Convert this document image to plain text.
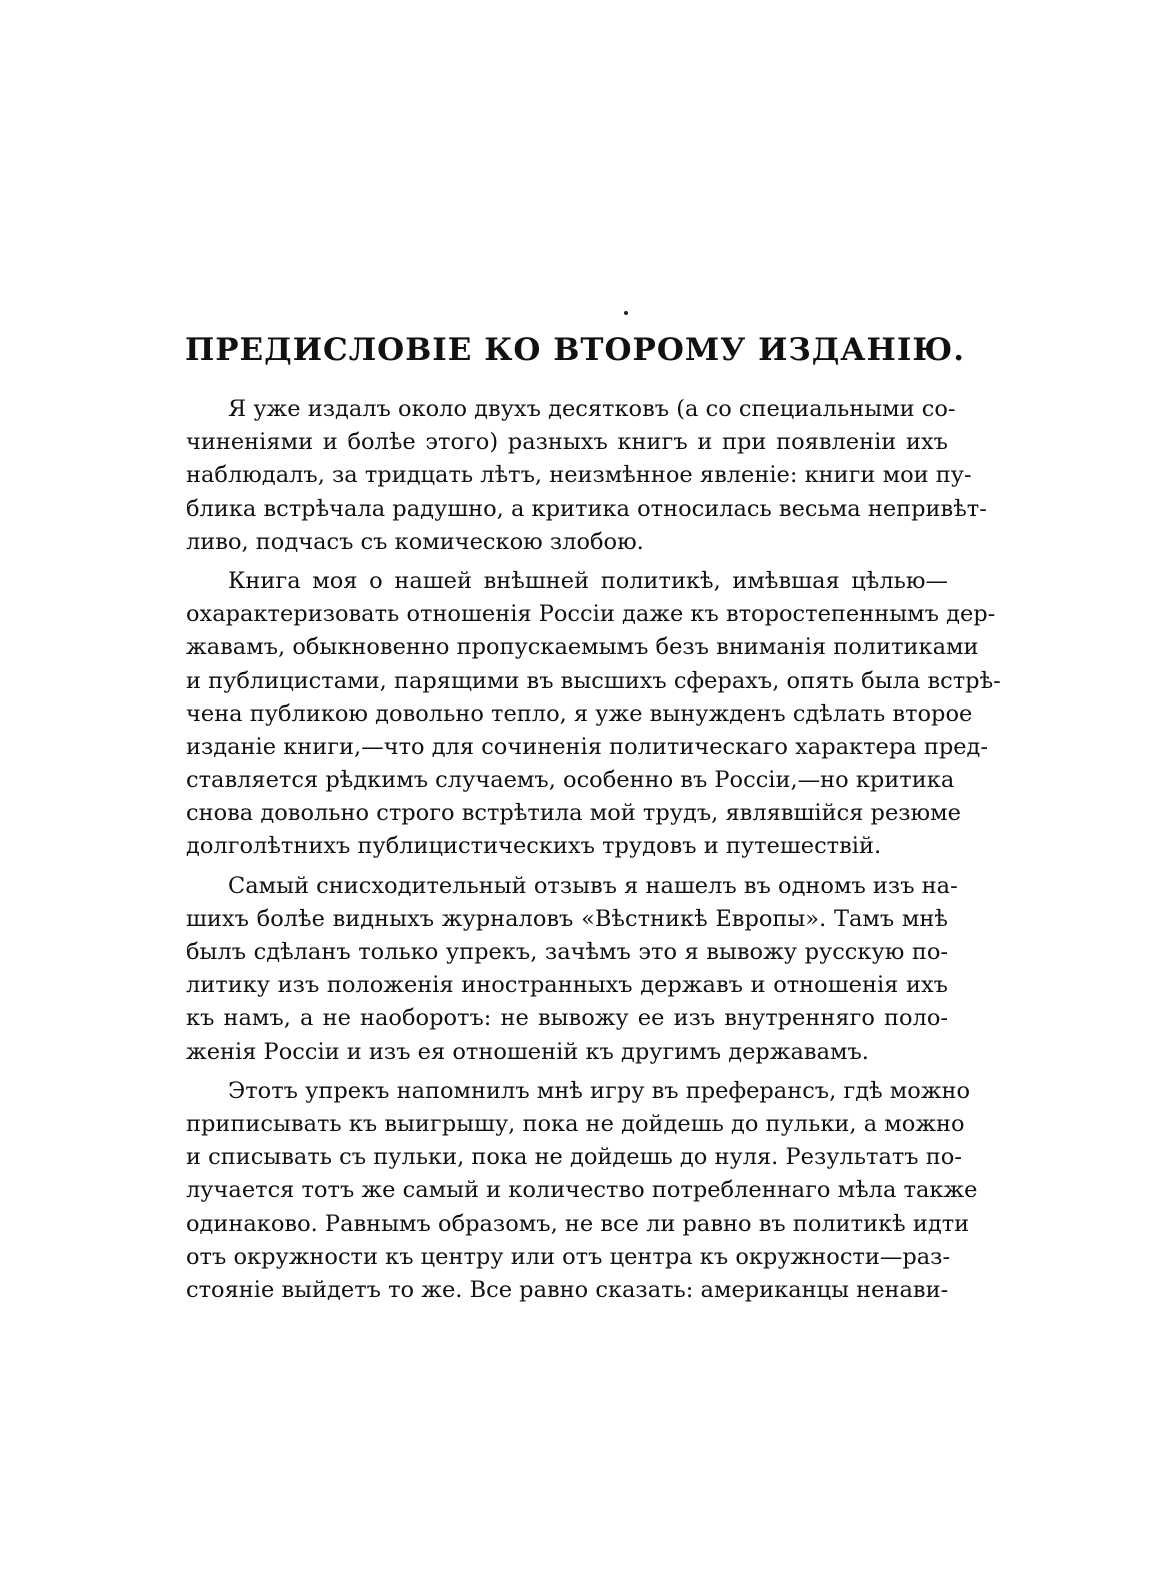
ПРЕДИСЛОВІЕ КО ВТОРОМУ ИЗДАНІЮ.

Я уже издалъ около двухъ десятковъ (а со специальными со-
чиненіями и болѣе этого) разныхъ книгъ и при появленіи ихъ
наблюдалъ, за тридцать лѣтъ, неизмѣнное явленіе: книги мои пу-
блика встрѣчала радушно, а критика относилась весьма непривѣт-
ливо, подчасъ съ комическою злобою.

Книга моя о нашей внѣшней политикѣ, имѣвшая цѣлью—
охарактеризовать отношенія Россіи даже къ второстепеннымъ дер-
жавамъ, обыкновенно пропускаемымъ безъ вниманія политиками
и публицистами, парящими въ высшихъ сферахъ, опять была встрѣ-
чена публикою довольно тепло, я уже вынужденъ сдѣлать второе
изданіе книги,—что для сочиненія политическаго характера пред-
ставляется рѣдкимъ случаемъ, особенно въ Россіи,—но критика
снова довольно строго встрѣтила мой трудъ, являвшійся резюме
долголѣтнихъ публицистическихъ трудовъ и путешествій.

Самый снисходительный отзывъ я нашелъ въ одномъ изъ на-
шихъ болѣе видныхъ журналовъ «Вѣстникѣ Европы». Тамъ мнѣ
былъ сдѣланъ только упрекъ, зачѣмъ это я вывожу русскую по-
литику изъ положенія иностранныхъ державъ и отношенія ихъ
къ намъ, а не наоборотъ: не вывожу ее изъ внутренняго поло-
женія Россіи и изъ ея отношеній къ другимъ державамъ.

Этотъ упрекъ напомнилъ мнѣ игру въ преферансъ, гдѣ можно
приписывать къ выигрышу, пока не дойдешь до пульки, а можно
и списывать съ пульки, пока не дойдешь до нуля. Результатъ по-
лучается тотъ же самый и количество потребленнаго мѣла также
одинаково. Равнымъ образомъ, не все ли равно въ политикѣ идти
отъ окружности къ центру или отъ центра къ окружности—раз-
стояніе выйдетъ то же. Все равно сказать: американцы ненави-
